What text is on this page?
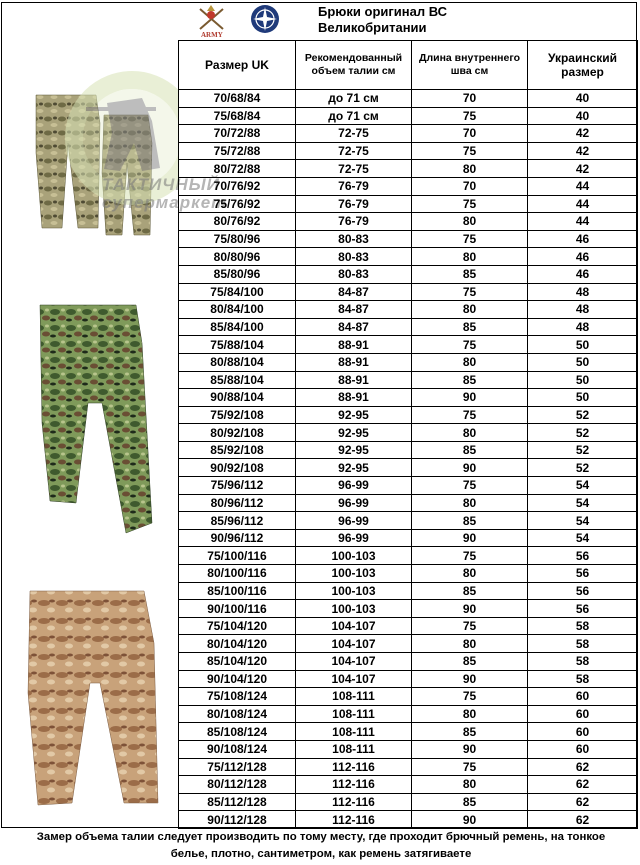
ТАКТИЧНЫЙ
супермаркет
ARMY
Брюки оригинал ВС
Великобритании
Размер UK	Рекомендованный объем талии см	Длина внутреннего шва см	Украинский размер
70/68/84	до 71 см	70	40
75/68/84	до 71 см	75	40
70/72/88	72-75	70	42
75/72/88	72-75	75	42
80/72/88	72-75	80	42
70/76/92	76-79	70	44
75/76/92	76-79	75	44
80/76/92	76-79	80	44
75/80/96	80-83	75	46
80/80/96	80-83	80	46
85/80/96	80-83	85	46
75/84/100	84-87	75	48
80/84/100	84-87	80	48
85/84/100	84-87	85	48
75/88/104	88-91	75	50
80/88/104	88-91	80	50
85/88/104	88-91	85	50
90/88/104	88-91	90	50
75/92/108	92-95	75	52
80/92/108	92-95	80	52
85/92/108	92-95	85	52
90/92/108	92-95	90	52
75/96/112	96-99	75	54
80/96/112	96-99	80	54
85/96/112	96-99	85	54
90/96/112	96-99	90	54
75/100/116	100-103	75	56
80/100/116	100-103	80	56
85/100/116	100-103	85	56
90/100/116	100-103	90	56
75/104/120	104-107	75	58
80/104/120	104-107	80	58
85/104/120	104-107	85	58
90/104/120	104-107	90	58
75/108/124	108-111	75	60
80/108/124	108-111	80	60
85/108/124	108-111	85	60
90/108/124	108-111	90	60
75/112/128	112-116	75	62
80/112/128	112-116	80	62
85/112/128	112-116	85	62
90/112/128	112-116	90	62
Замер объема талии следует производить по тому месту, где проходит брючный ремень, на тонкое
белье, плотно, сантиметром, как ремень затягиваете
